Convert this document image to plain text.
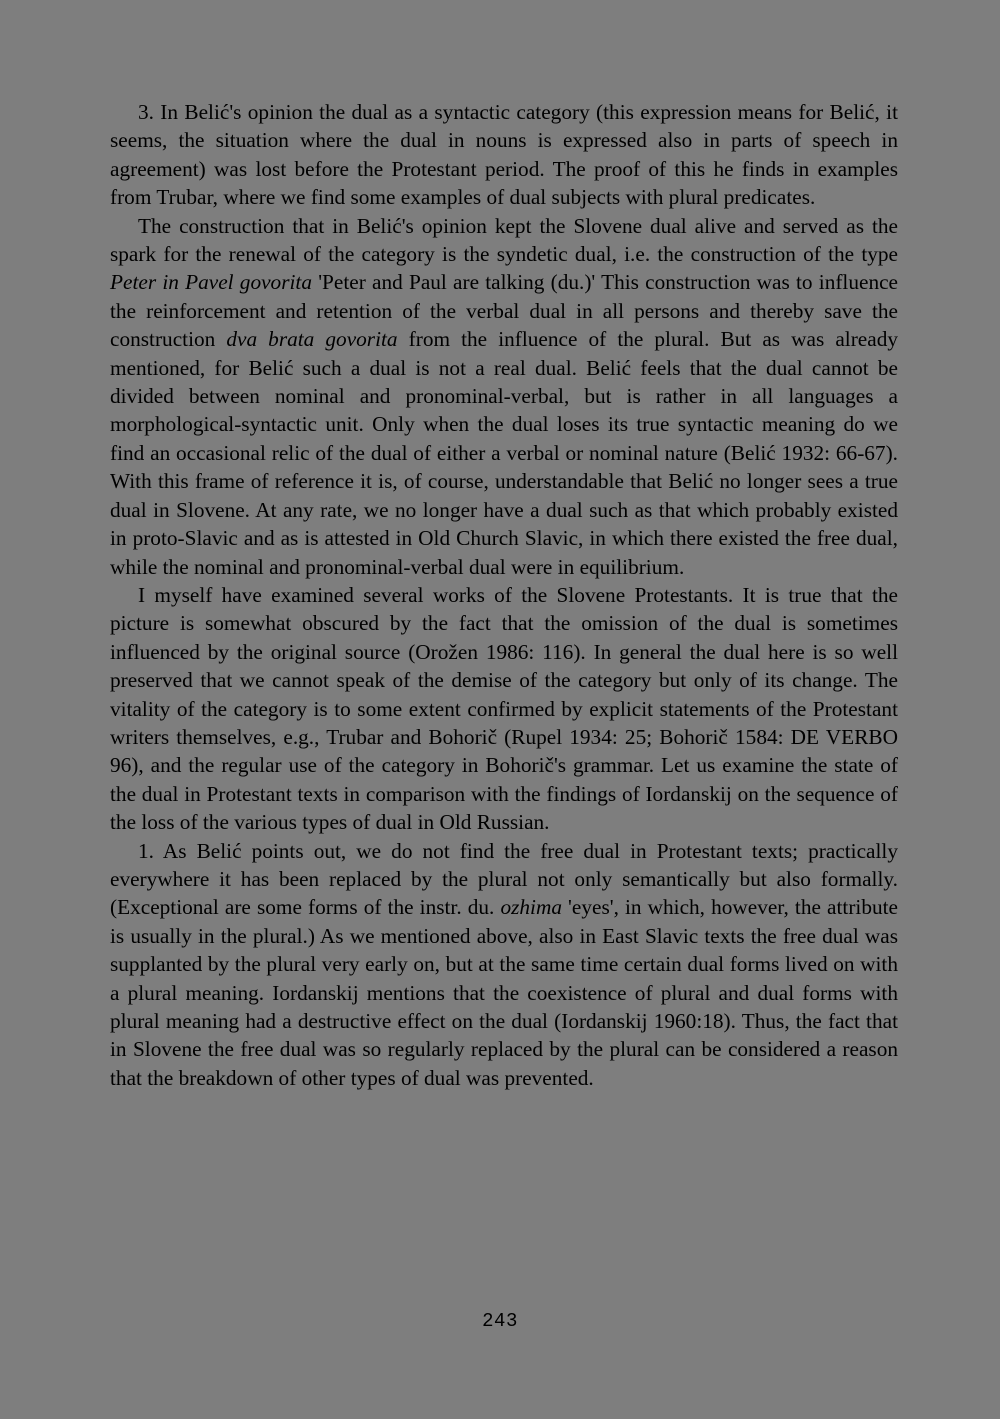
3. In Belić's opinion the dual as a syntactic category (this expression means for Belić, it seems, the situation where the dual in nouns is expressed also in parts of speech in agreement) was lost before the Protestant period. The proof of this he finds in examples from Trubar, where we find some examples of dual subjects with plural predicates.

The construction that in Belić's opinion kept the Slovene dual alive and served as the spark for the renewal of the category is the syndetic dual, i.e. the construction of the type Peter in Pavel govorita 'Peter and Paul are talking (du.)' This construction was to influence the reinforcement and retention of the verbal dual in all persons and thereby save the construction dva brata govorita from the influence of the plural. But as was already mentioned, for Belić such a dual is not a real dual. Belić feels that the dual cannot be divided between nominal and pronominal-verbal, but is rather in all languages a morphological-syntactic unit. Only when the dual loses its true syntactic meaning do we find an occasional relic of the dual of either a verbal or nominal nature (Belić 1932: 66-67). With this frame of reference it is, of course, understandable that Belić no longer sees a true dual in Slovene. At any rate, we no longer have a dual such as that which probably existed in proto-Slavic and as is attested in Old Church Slavic, in which there existed the free dual, while the nominal and pronominal-verbal dual were in equilibrium.

I myself have examined several works of the Slovene Protestants. It is true that the picture is somewhat obscured by the fact that the omission of the dual is sometimes influenced by the original source (Orožen 1986: 116). In general the dual here is so well preserved that we cannot speak of the demise of the category but only of its change. The vitality of the category is to some extent confirmed by explicit statements of the Protestant writers themselves, e.g., Trubar and Bohorič (Rupel 1934: 25; Bohorič 1584: DE VERBO 96), and the regular use of the category in Bohorič's grammar. Let us examine the state of the dual in Protestant texts in comparison with the findings of Iordanskij on the sequence of the loss of the various types of dual in Old Russian.

1. As Belić points out, we do not find the free dual in Protestant texts; practically everywhere it has been replaced by the plural not only semantically but also formally. (Exceptional are some forms of the instr. du. ozhima 'eyes', in which, however, the attribute is usually in the plural.) As we mentioned above, also in East Slavic texts the free dual was supplanted by the plural very early on, but at the same time certain dual forms lived on with a plural meaning. Iordanskij mentions that the coexistence of plural and dual forms with plural meaning had a destructive effect on the dual (Iordanskij 1960:18). Thus, the fact that in Slovene the free dual was so regularly replaced by the plural can be considered a reason that the breakdown of other types of dual was prevented.

243
